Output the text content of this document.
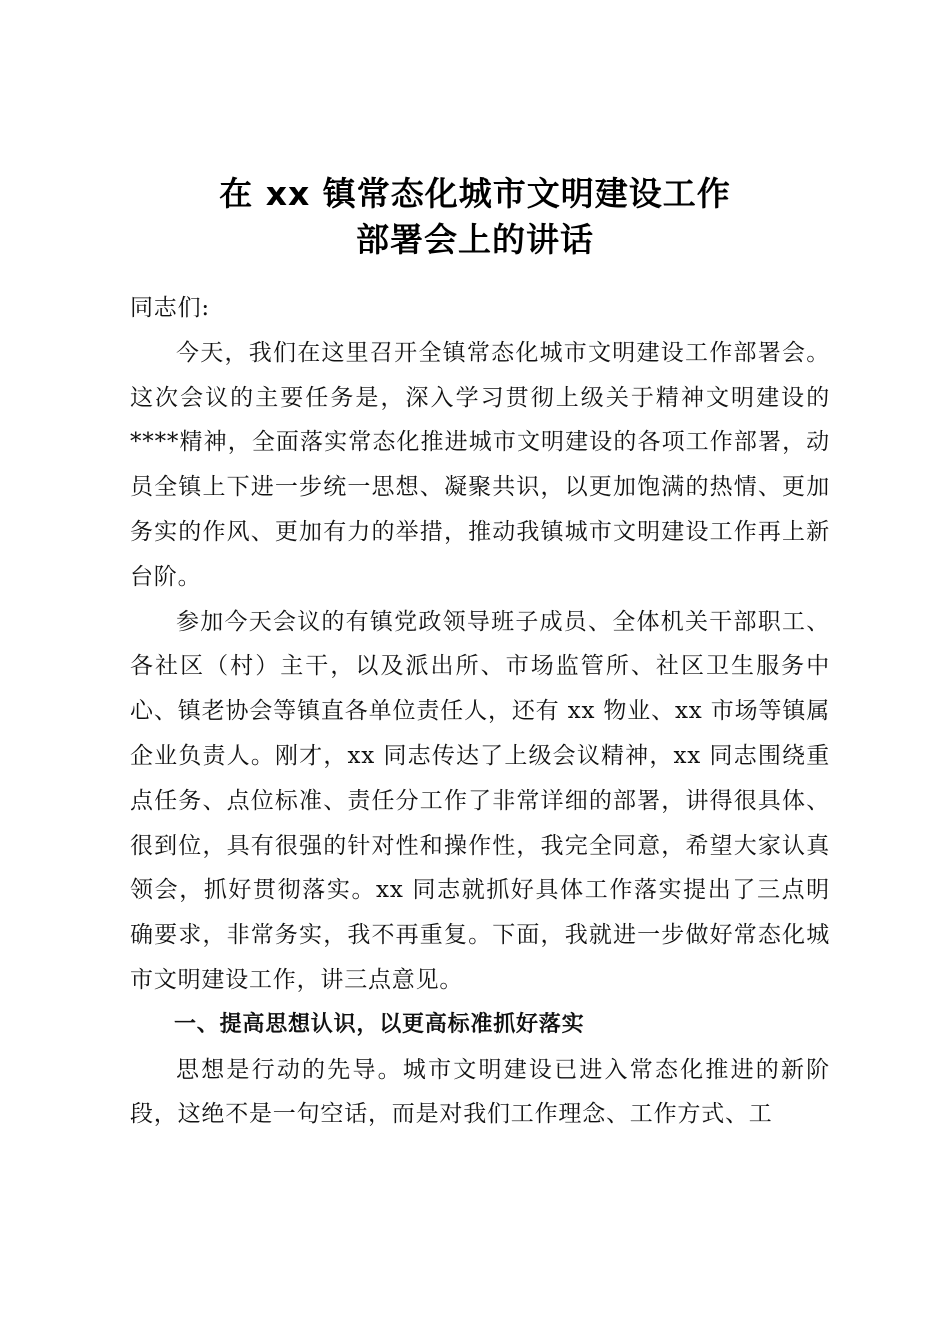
在 xx 镇常态化城市文明建设工作
部署会上的讲话

同志们:

今天，我们在这里召开全镇常态化城市文明建设工作部署会。这次会议的主要任务是，深入学习贯彻上级关于精神文明建设的****精神，全面落实常态化推进城市文明建设的各项工作部署，动员全镇上下进一步统一思想、凝聚共识，以更加饱满的热情、更加务实的作风、更加有力的举措，推动我镇城市文明建设工作再上新台阶。

参加今天会议的有镇党政领导班子成员、全体机关干部职工、各社区（村）主干，以及派出所、市场监管所、社区卫生服务中心、镇老协会等镇直各单位责任人，还有 xx 物业、xx 市场等镇属企业负责人。刚才，xx 同志传达了上级会议精神，xx 同志围绕重点任务、点位标准、责任分工作了非常详细的部署，讲得很具体、很到位，具有很强的针对性和操作性，我完全同意，希望大家认真领会，抓好贯彻落实。xx 同志就抓好具体工作落实提出了三点明确要求，非常务实，我不再重复。下面，我就进一步做好常态化城市文明建设工作，讲三点意见。

一、提高思想认识，以更高标准抓好落实

思想是行动的先导。城市文明建设已进入常态化推进的新阶段，这绝不是一句空话，而是对我们工作理念、工作方式、工
